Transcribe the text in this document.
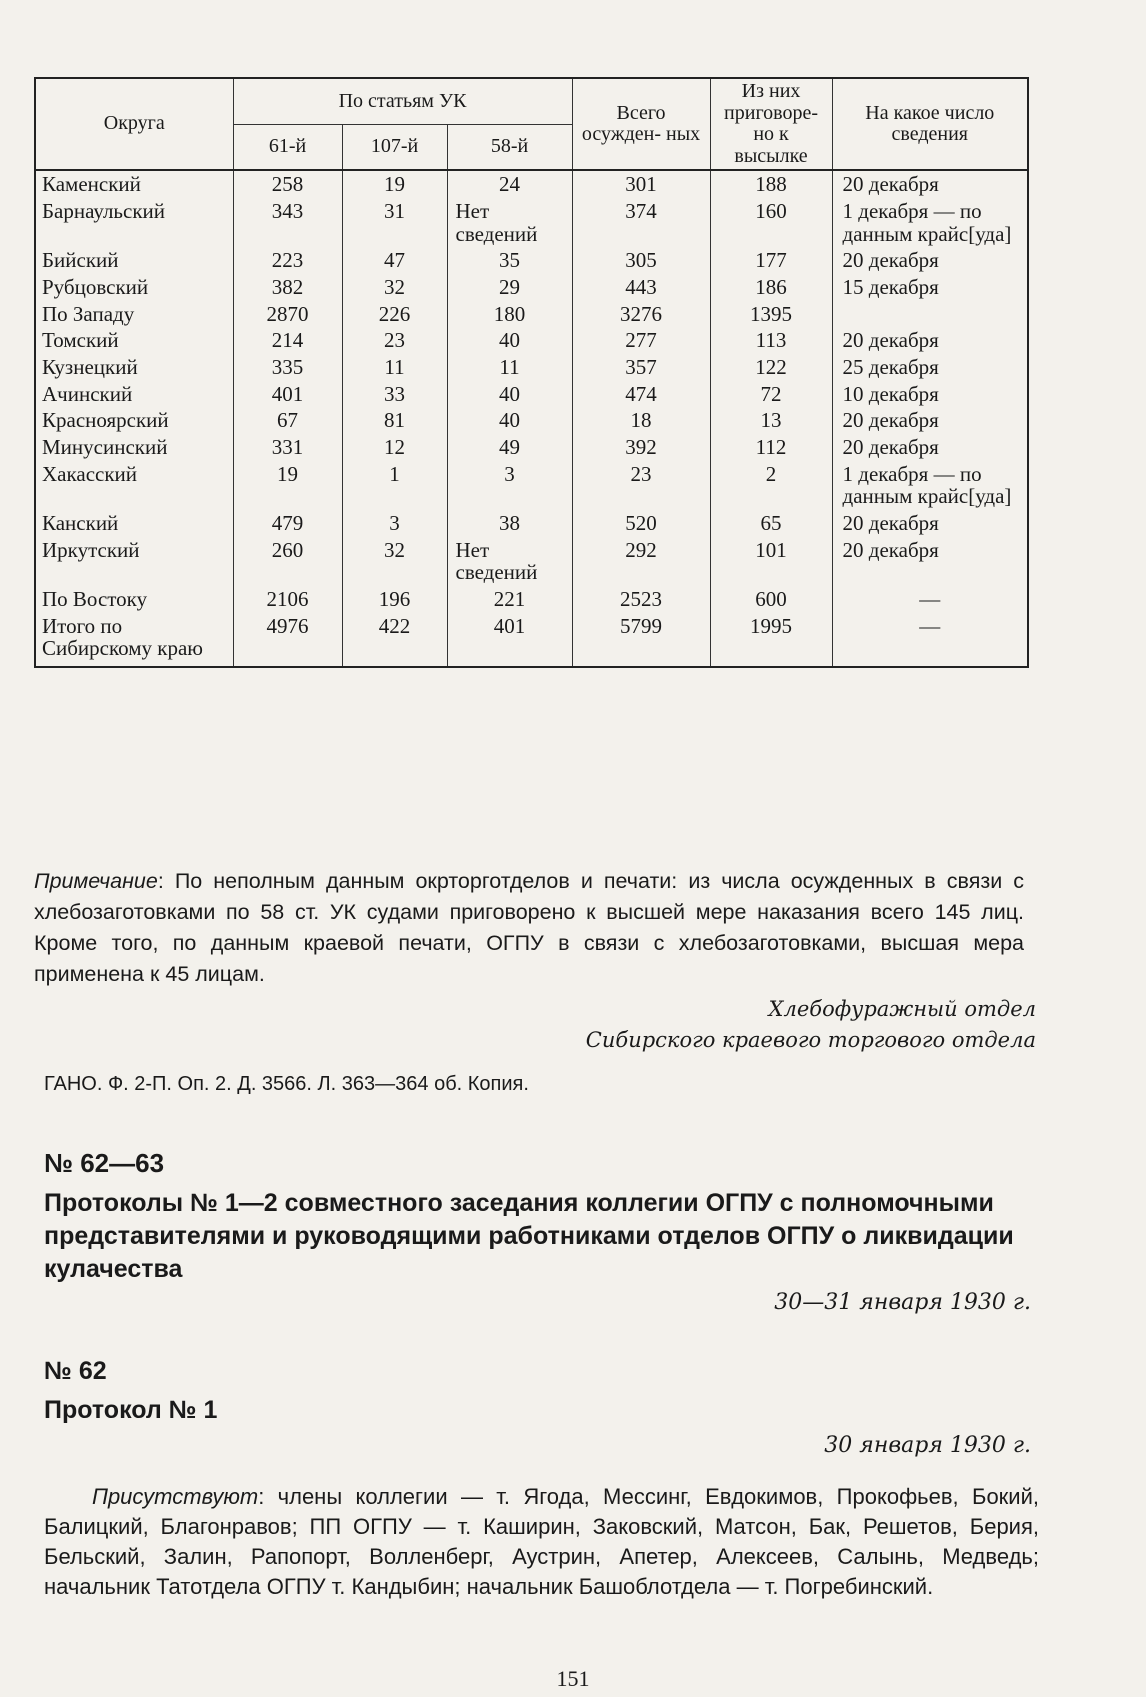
Округа	По статьям УК			Всего осужден- ных	Из них приговоре- но к высылке	На какое число сведения
	61-й	107-й	58-й			
Каменский	258	19	24	301	188	20 декабря
Барнаульский	343	31	Нет сведений	374	160	1 декабря — по данным крайс[уда]
Бийский	223	47	35	305	177	20 декабря
Рубцовский	382	32	29	443	186	15 декабря
По Западу	2870	226	180	3276	1395	
Томский	214	23	40	277	113	20 декабря
Кузнецкий	335	11	11	357	122	25 декабря
Ачинский	401	33	40	474	72	10 декабря
Красноярский	67	81	40	18	13	20 декабря
Минусинский	331	12	49	392	112	20 декабря
Хакасский	19	1	3	23	2	1 декабря — по данным крайс[уда]
Канский	479	3	38	520	65	20 декабря
Иркутский	260	32	Нет сведений	292	101	20 декабря
По Востоку	2106	196	221	2523	600	—
Итого по Сибирскому краю	4976	422	401	5799	1995	—
Примечание: По неполным данным окрторготделов и печати: из числа осужденных в связи с хлебозаготовками по 58 ст. УК судами приговорено к высшей мере наказания всего 145 лиц. Кроме того, по данным краевой печати, ОГПУ в связи с хлебозаготовками, высшая мера применена к 45 лицам.
Хлебофуражный отдел
Сибирского краевого торгового отдела
ГАНО. Ф. 2-П. Оп. 2. Д. 3566. Л. 363—364 об. Копия.
№ 62—63
Протоколы № 1—2 совместного заседания коллегии ОГПУ с полномочными представителями и руководящими работниками отделов ОГПУ о ликвидации кулачества
30—31 января 1930 г.
№ 62
Протокол № 1
30 января 1930 г.
Присутствуют: члены коллегии — т. Ягода, Мессинг, Евдокимов, Прокофьев, Бокий, Балицкий, Благонравов; ПП ОГПУ — т. Каширин, Заковский, Матсон, Бак, Решетов, Берия, Бельский, Залин, Рапопорт, Волленберг, Аустрин, Апетер, Алексеев, Салынь, Медведь; начальник Татотдела ОГПУ т. Кандыбин; начальник Башоблотдела — т. Погребинский.
151
